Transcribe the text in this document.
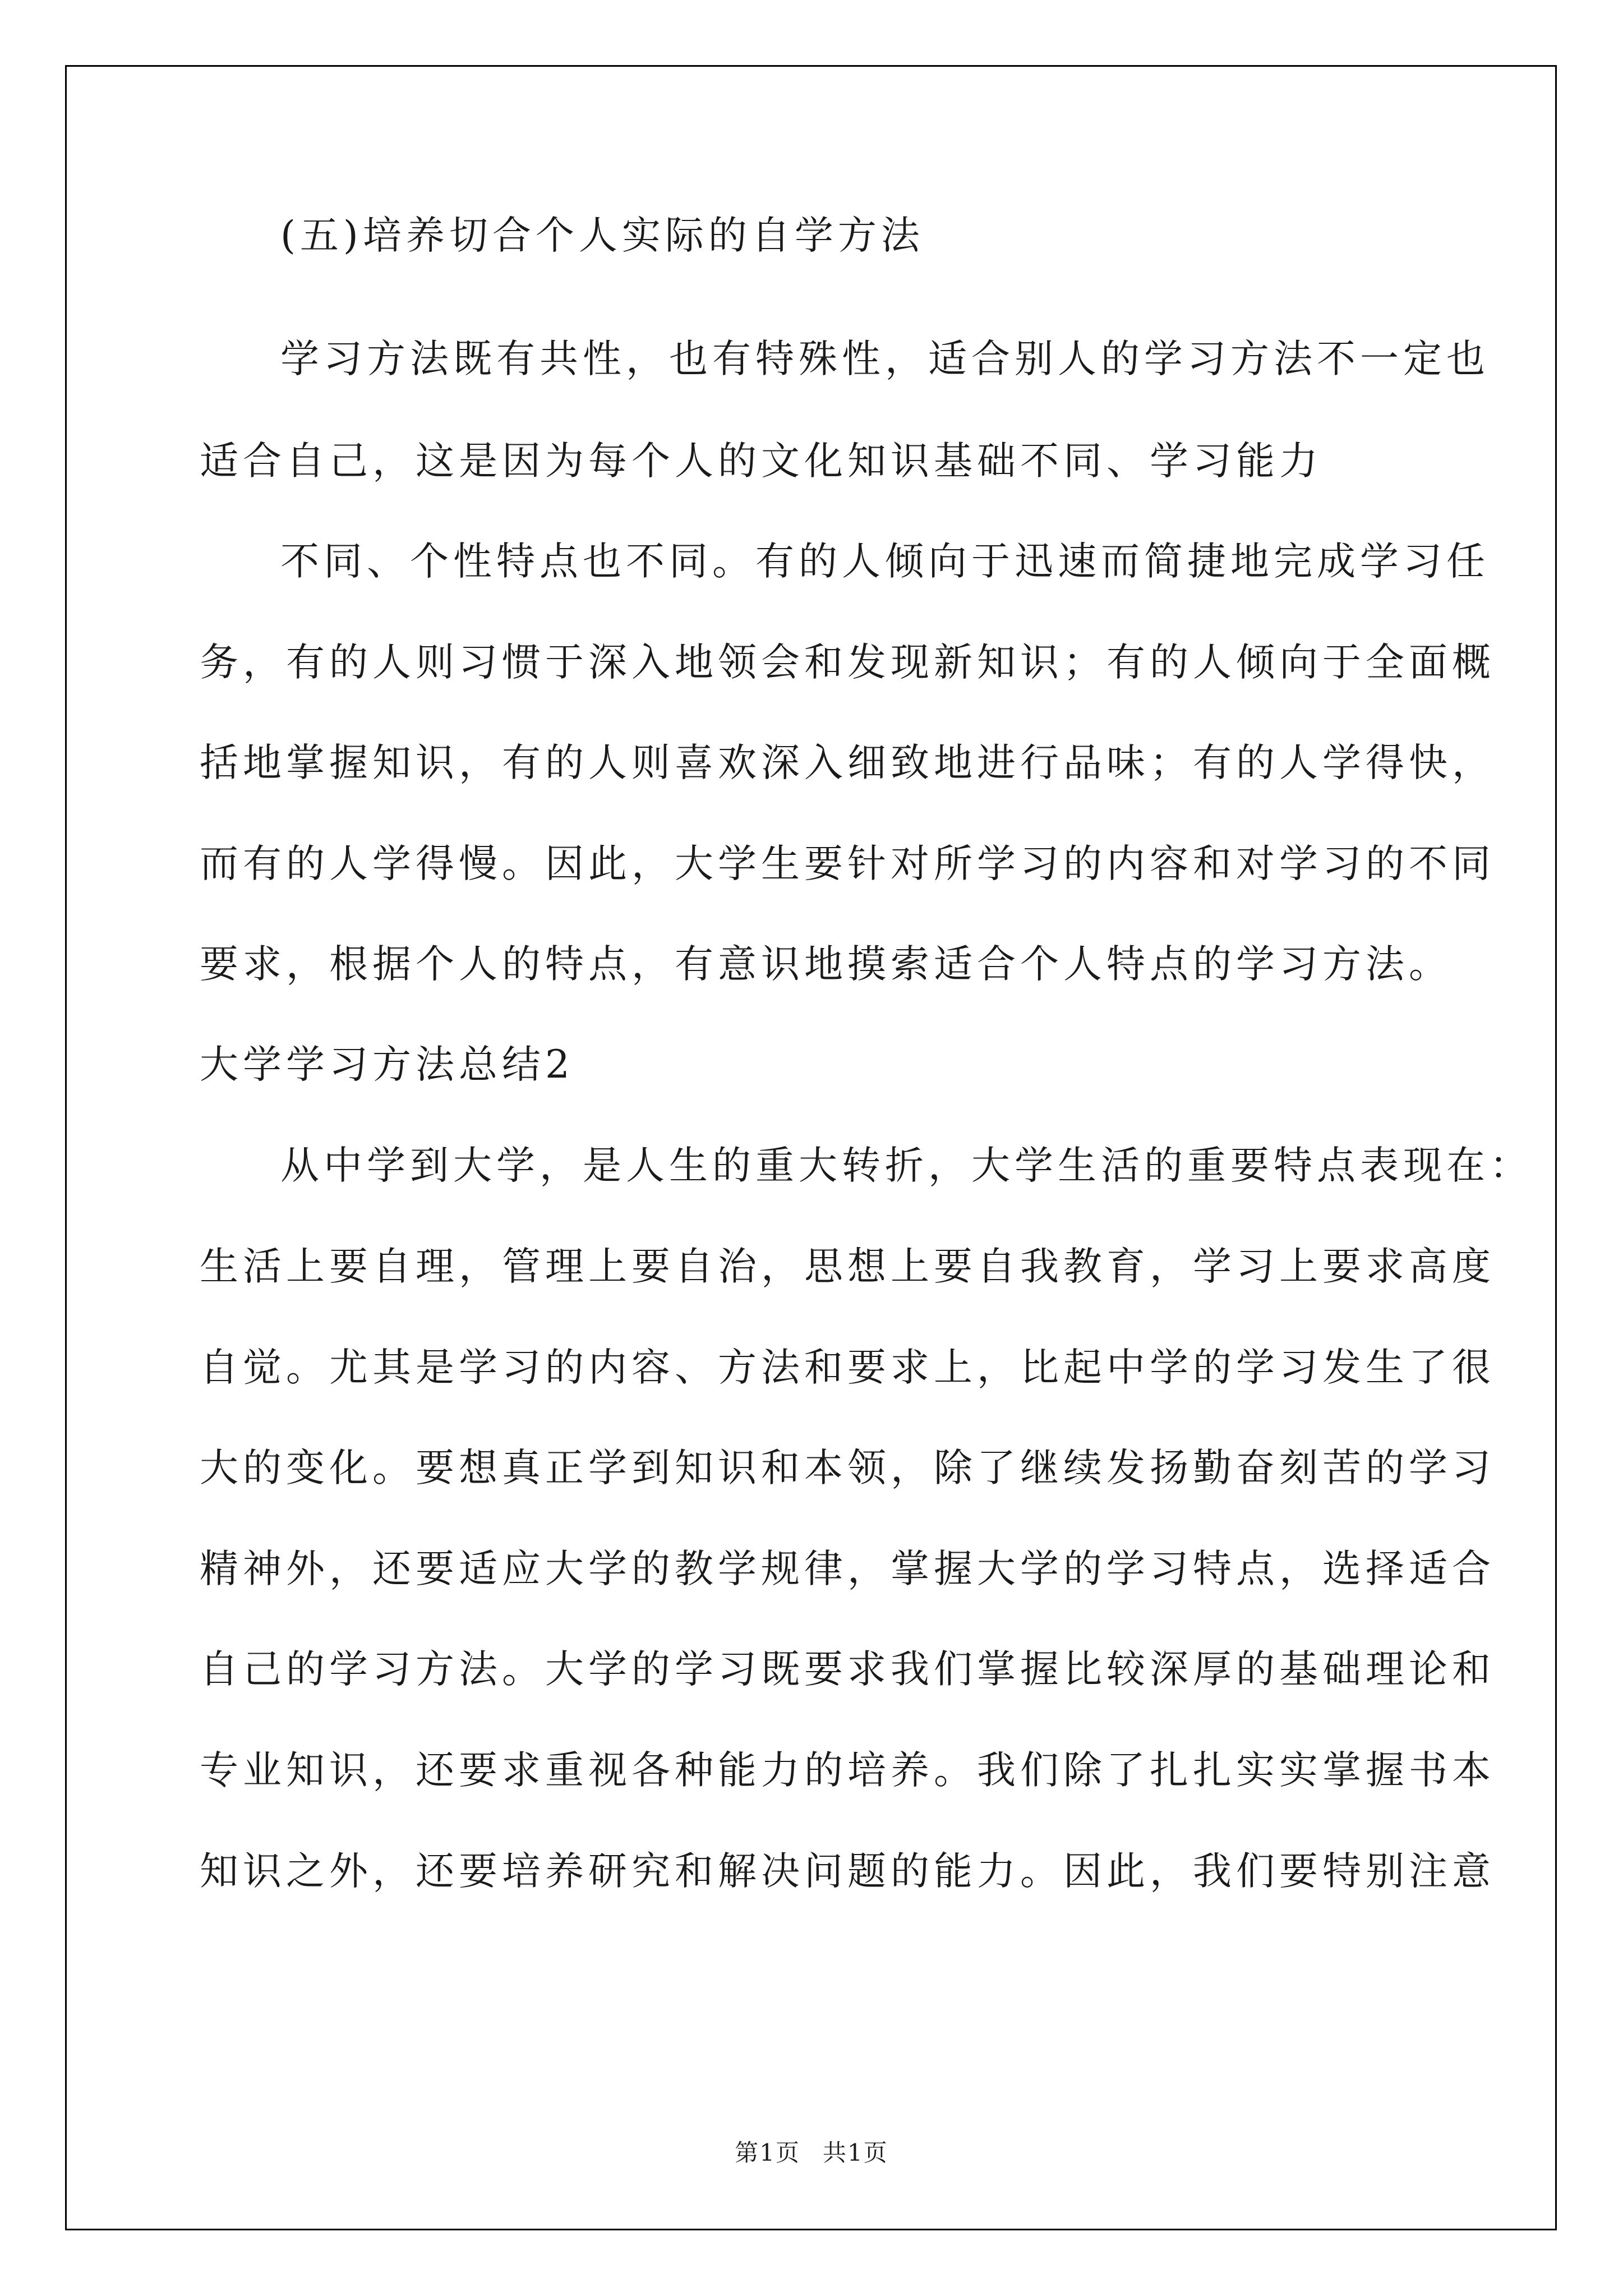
(五)培养切合个人实际的自学方法
学习方法既有共性，也有特殊性，适合别人的学习方法不一定也
适合自己，这是因为每个人的文化知识基础不同、学习能力
不同、个性特点也不同。有的人倾向于迅速而简捷地完成学习任
务，有的人则习惯于深入地领会和发现新知识；有的人倾向于全面概
括地掌握知识，有的人则喜欢深入细致地进行品味；有的人学得快，
而有的人学得慢。因此，大学生要针对所学习的内容和对学习的不同
要求，根据个人的特点，有意识地摸索适合个人特点的学习方法。
大学学习方法总结2
从中学到大学，是人生的重大转折，大学生活的重要特点表现在：
生活上要自理，管理上要自治，思想上要自我教育，学习上要求高度
自觉。尤其是学习的内容、方法和要求上，比起中学的学习发生了很
大的变化。要想真正学到知识和本领，除了继续发扬勤奋刻苦的学习
精神外，还要适应大学的教学规律，掌握大学的学习特点，选择适合
自己的学习方法。大学的学习既要求我们掌握比较深厚的基础理论和
专业知识，还要求重视各种能力的培养。我们除了扎扎实实掌握书本
知识之外，还要培养研究和解决问题的能力。因此，我们要特别注意
第1页 共1页
